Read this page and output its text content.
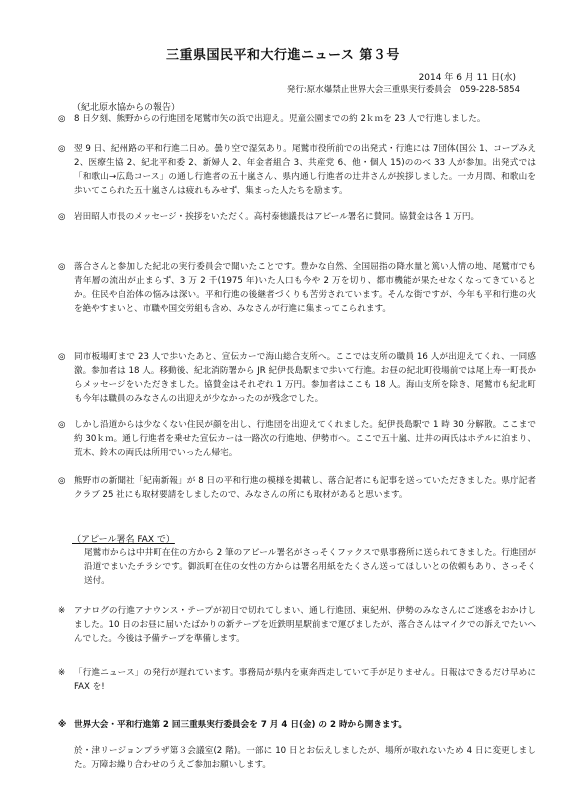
三重県国民平和大行進ニュース 第３号
2014 年 6 月 11 日(水)
発行:原水爆禁止世界大会三重県実行委員会　059-228-5854
（紀北原水協からの報告）
◎ 8 日夕刻、熊野からの行進団を尾鷲市矢の浜で出迎え。児童公園までの約 2ｋｍを 23 人で行進しました。
◎ 翌 9 日、紀州路の平和行進二日め。曇り空で湿気あり。尾鷲市役所前での出発式・行進には 7団体(国公 1、コープみえ 2、医療生協 2、紀北平和委 2、新婦人 2、年金者組合 3、共産党 6、他・個人 15)ののべ 33 人が参加。出発式では「和歌山→広島コース」の通し行進者の五十嵐さん、県内通し行進者の辻井さんが挨拶しました。一カ月間、和歌山を歩いてこられた五十嵐さんは疲れもみせず、集まった人たちを励ます。
◎ 岩田昭人市長のメッセージ・挨拶をいただく。高村泰徳議長はアピール署名に賛同。協賛金は各 1 万円。
◎ 落合さんと参加した紀北の実行委員会で聞いたことです。豊かな自然、全国屈指の降水量と篤い人情の地、尾鷲市でも青年層の流出が止まらず、3 万 2 千(1975 年)いた人口も今や 2 万を切り、都市機能が果たせなくなってきているとか。住民や自治体の悩みは深い。平和行進の後継者づくりも苦労されています。そんな街ですが、今年も平和行進の火を絶やすまいと、市職や国交労組も含め、みなさんが行進に集まってこられます。
◎ 同市板場町まで 23 人で歩いたあと、宣伝カーで海山総合支所へ。ここでは支所の職員 16 人が出迎えてくれ、一同感激。参加者は 18 人。移動後、紀北消防署から JR 紀伊長島駅まで歩いて行進。お昼の紀北町役場前では尾上寿一町長からメッセージをいただきました。協賛金はそれぞれ 1 万円。参加者はここも 18 人。海山支所を除き、尾鷲市も紀北町も今年は職員のみなさんの出迎えが少なかったのが残念でした。
◎ しかし沿道からは少なくない住民が顔を出し、行進団を出迎えてくれました。紀伊長島駅で 1 時 30 分解散。ここまで約 30ｋｍ。通し行進者を乗せた宣伝カーは一路次の行進地、伊勢市へ。ここで五十嵐、辻井の両氏はホテルに泊まり、荒木、鈴木の両氏は所用でいったん帰宅。
◎ 熊野市の新聞社「紀南新報」が 8 日の平和行進の模様を掲載し、落合記者にも記事を送っていただきました。県庁記者クラブ 25 社にも取材要請をしましたので、みなさんの所にも取材があると思います。
（アピール署名 FAX で）
尾鷲市からは中井町在住の方から 2 筆のアピール署名がさっそくファクスで県事務所に送られてきました。行進団が沿道でまいたチラシです。御浜町在住の女性の方からは署名用紙をたくさん送ってほしいとの依頼もあり、さっそく送付。
※	アナログの行進アナウンス・テープが初日で切れてしまい、通し行進団、東紀州、伊勢のみなさんにご迷惑をおかけしました。10 日のお昼に届いたばかりの新テープを近鉄明星駅前まで運びましたが、落合さんはマイクでの訴えでたいへんでした。今後は予備テープを準備します。
※	「行進ニュース」の発行が遅れています。事務局が県内を東奔西走していて手が足りません。日報はできるだけ早めに FAX を!
※ 世界大会・平和行進第 2 回三重県実行委員会を 7 月 4 日(金) の 2 時から開きます。
於・津リージョンプラザ第３会議室(2 階)。一部に 10 日とお伝えしましたが、場所が取れないため 4 日に変更しました。万障お繰り合わせのうえご参加お願いします。
